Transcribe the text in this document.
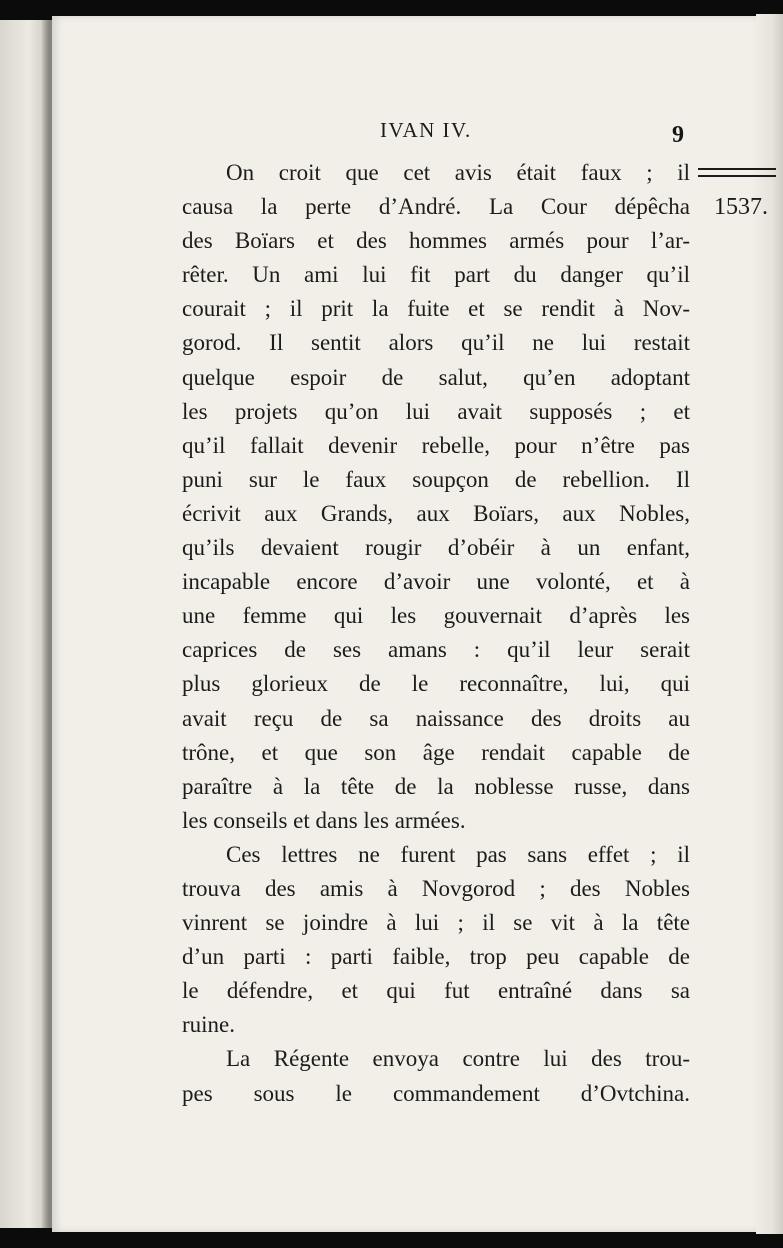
IVAN IV.	9
1537.
On croit que cet avis était faux ; il
causa la perte d’André. La Cour dépêcha
des Boïars et des hommes armés pour l’ar-
rêter. Un ami lui fit part du danger qu’il
courait ; il prit la fuite et se rendit à Nov-
gorod. Il sentit alors qu’il ne lui restait
quelque espoir de salut, qu’en adoptant
les projets qu’on lui avait supposés ; et
qu’il fallait devenir rebelle, pour n’être pas
puni sur le faux soupçon de rebellion. Il
écrivit aux Grands, aux Boïars, aux Nobles,
qu’ils devaient rougir d’obéir à un enfant,
incapable encore d’avoir une volonté, et à
une femme qui les gouvernait d’après les
caprices de ses amans : qu’il leur serait
plus glorieux de le reconnaître, lui, qui
avait reçu de sa naissance des droits au
trône, et que son âge rendait capable de
paraître à la tête de la noblesse russe, dans
les conseils et dans les armées.
Ces lettres ne furent pas sans effet ; il
trouva des amis à Novgorod ; des Nobles
vinrent se joindre à lui ; il se vit à la tête
d’un parti : parti faible, trop peu capable de
le défendre, et qui fut entraîné dans sa
ruine.
La Régente envoya contre lui des trou-
pes sous le commandement d’Ovtchina.
